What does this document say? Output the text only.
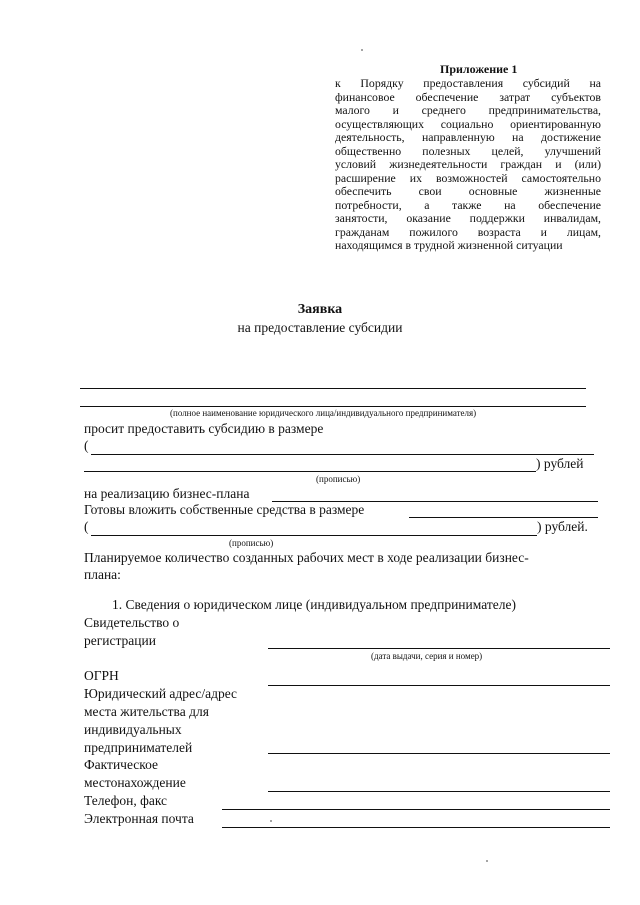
Приложение 1
к Порядку предоставления субсидий на
финансовое обеспечение затрат субъектов
малого и среднего предпринимательства,
осуществляющих социально ориентированную
деятельность, направленную на достижение
общественно полезных целей, улучшений
условий жизнедеятельности граждан и (или)
расширение их возможностей самостоятельно
обеспечить свои основные жизненные
потребности, а также на обеспечение
занятости, оказание поддержки инвалидам,
гражданам пожилого возраста и лицам,
находящимся в трудной жизненной ситуации
Заявка
на предоставление субсидии
(полное наименование юридического лица/индивидуального предпринимателя)
просит предоставить субсидию в размере
(
) рублей
(прописью)
на реализацию бизнес-плана
Готовы вложить собственные средства в размере
(	) рублей.
(прописью)
Планируемое количество созданных рабочих мест в ходе реализации бизнес-
плана:
1. Сведения о юридическом лице (индивидуальном предпринимателе)
Свидетельство о
регистрации
(дата выдачи, серия и номер)
ОГРН
Юридический адрес/адрес
места жительства для
индивидуальных
предпринимателей
Фактическое
местонахождение
Телефон, факс
Электронная почта
